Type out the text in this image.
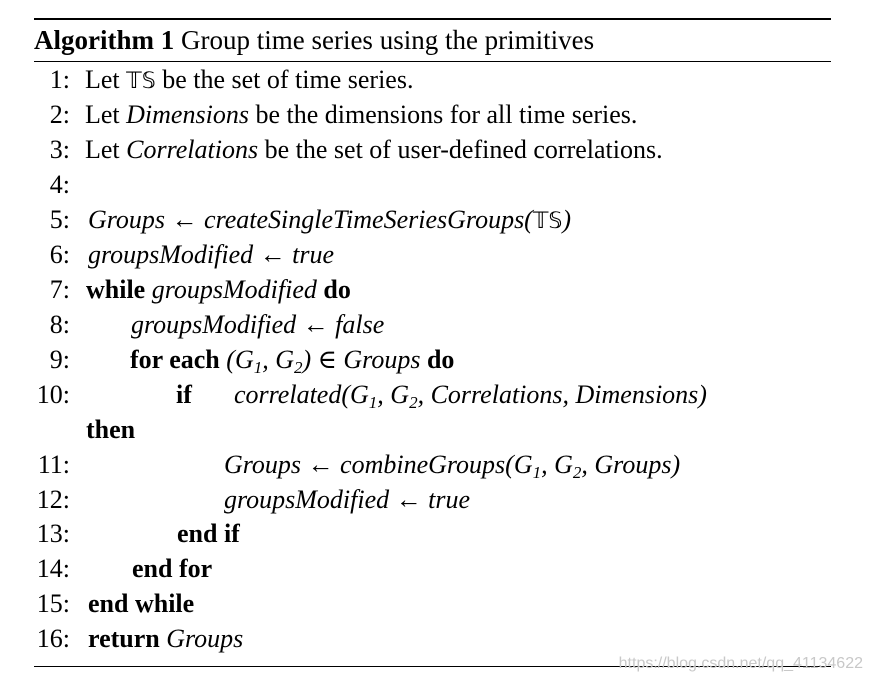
Algorithm 1 Group time series using the primitives
1: Let 𝕋𝕊 be the set of time series.
2: Let Dimensions be the dimensions for all time series.
3: Let Correlations be the set of user-defined correlations.
4:
5: Groups ← createSingleTimeSeriesGroups(𝕋𝕊)
6: groupsModified ← true
7: while groupsModified do
8: groupsModified ← false
9: for each ($G_1$, $G_2$) ∈ Groups do
10:	if $correlated(G_1$, $G_2$, Correlations, Dimensions)
then
11:	Groups ← $combineGroups(G_1$, $G_2$, Groups)
12:	groupsModified ← true
13:	end if
14: end for
15: end while
16: return Groups
https://blog.csdn.net/qq_41134622
